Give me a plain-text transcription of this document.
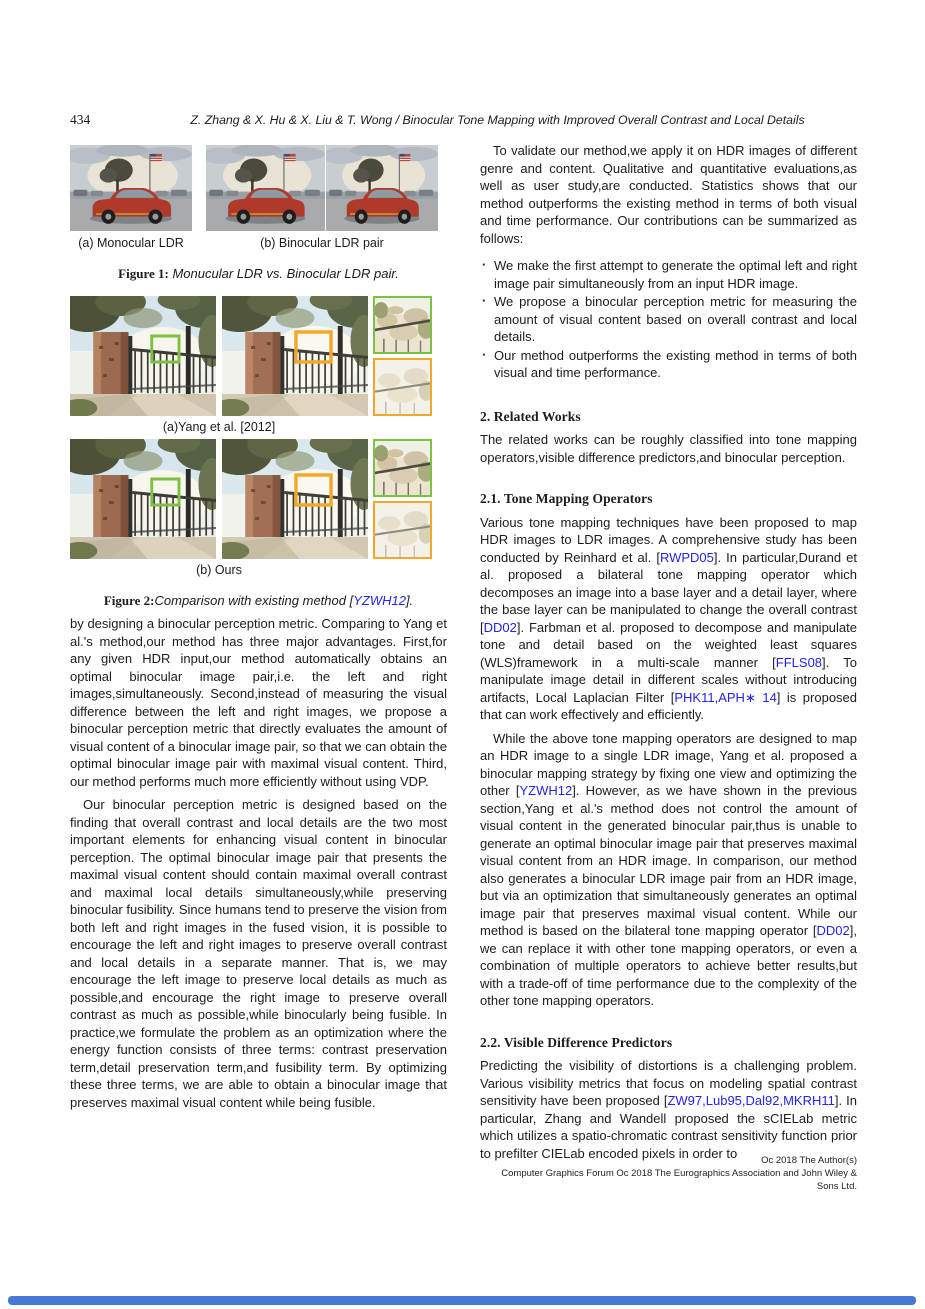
434	Z. Zhang & X. Hu & X. Liu & T. Wong / Binocular Tone Mapping with Improved Overall Contrast and Local Details
(a) Monocular LDR	(b) Binocular LDR pair
Figure 1: Monucular LDR vs. Binocular LDR pair.
(a)Yang et al. [2012]
(b) Ours
Figure 2:Comparison with existing method [YZWH12].

by designing a binocular perception metric. Comparing to Yang et al.'s method,our method has three major advantages. First,for any given HDR input,our method automatically obtains an optimal binocular image pair,i.e. the left and right images,simultaneously. Second,instead of measuring the visual difference between the left and right images, we propose a binocular perception metric that directly evaluates the amount of visual content of a binocular image pair, so that we can obtain the optimal binocular image pair with maximal visual content. Third, our method performs much more efficiently without using VDP.

Our binocular perception metric is designed based on the finding that overall contrast and local details are the two most important elements for enhancing visual content in binocular perception. The optimal binocular image pair that presents the maximal visual content should contain maximal overall contrast and maximal local details simultaneously,while preserving binocular fusibility. Since humans tend to preserve the vision from both left and right images in the fused vision, it is possible to encourage the left and right images to preserve overall contrast and local details in a separate manner. That is, we may encourage the left image to preserve local details as much as possible,and encourage the right image to preserve overall contrast as much as possible,while binocularly being fusible. In practice,we formulate the problem as an optimization where the energy function consists of three terms: contrast preservation term,detail preservation term,and fusibility term. By optimizing these three terms, we are able to obtain a binocular image that preserves maximal visual content while being fusible.

To validate our method,we apply it on HDR images of different genre and content. Qualitative and quantitative evaluations,as well as user study,are conducted. Statistics shows that our method outperforms the existing method in terms of both visual and time performance. Our contributions can be summarized as follows:

· We make the first attempt to generate the optimal left and right image pair simultaneously from an input HDR image.
· We propose a binocular perception metric for measuring the amount of visual content based on overall contrast and local details.
· Our method outperforms the existing method in terms of both visual and time performance.
2. Related Works

The related works can be roughly classified into tone mapping operators,visible difference predictors,and binocular perception.

2.1. Tone Mapping Operators

Various tone mapping techniques have been proposed to map HDR images to LDR images. A comprehensive study has been conducted by Reinhard et al. [RWPD05]. In particular,Durand et al. proposed a bilateral tone mapping operator which decomposes an image into a base layer and a detail layer, where the base layer can be manipulated to change the overall contrast [DD02]. Farbman et al. proposed to decompose and manipulate tone and detail based on the weighted least squares (WLS)framework in a multi-scale manner [FFLS08]. To manipulate image detail in different scales without introducing artifacts, Local Laplacian Filter [PHK11,APH∗ 14] is proposed that can work effectively and efficiently.

While the above tone mapping operators are designed to map an HDR image to a single LDR image, Yang et al. proposed a binocular mapping strategy by fixing one view and optimizing the other [YZWH12]. However, as we have shown in the previous section,Yang et al.'s method does not control the amount of visual content in the generated binocular pair,thus is unable to generate an optimal binocular image pair that preserves maximal visual content from an HDR image. In comparison, our method also generates a binocular LDR image pair from an HDR image, but via an optimization that simultaneously generates an optimal image pair that preserves maximal visual content. While our method is based on the bilateral tone mapping operator [DD02], we can replace it with other tone mapping operators, or even a combination of multiple operators to achieve better results,but with a trade-off of time performance due to the complexity of the other tone mapping operators.

2.2. Visible Difference Predictors

Predicting the visibility of distortions is a challenging problem. Various visibility metrics that focus on modeling spatial contrast sensitivity have been proposed [ZW97,Lub95,Dal92,MKRH11]. In particular, Zhang and Wandell proposed the sCIELab metric which utilizes a spatio-chromatic contrast sensitivity function prior to prefilter CIELab encoded pixels in order to	Oc 2018 The Author(s)
Computer Graphics Forum Oc 2018 The Eurographics Association and John Wiley & Sons Ltd.
